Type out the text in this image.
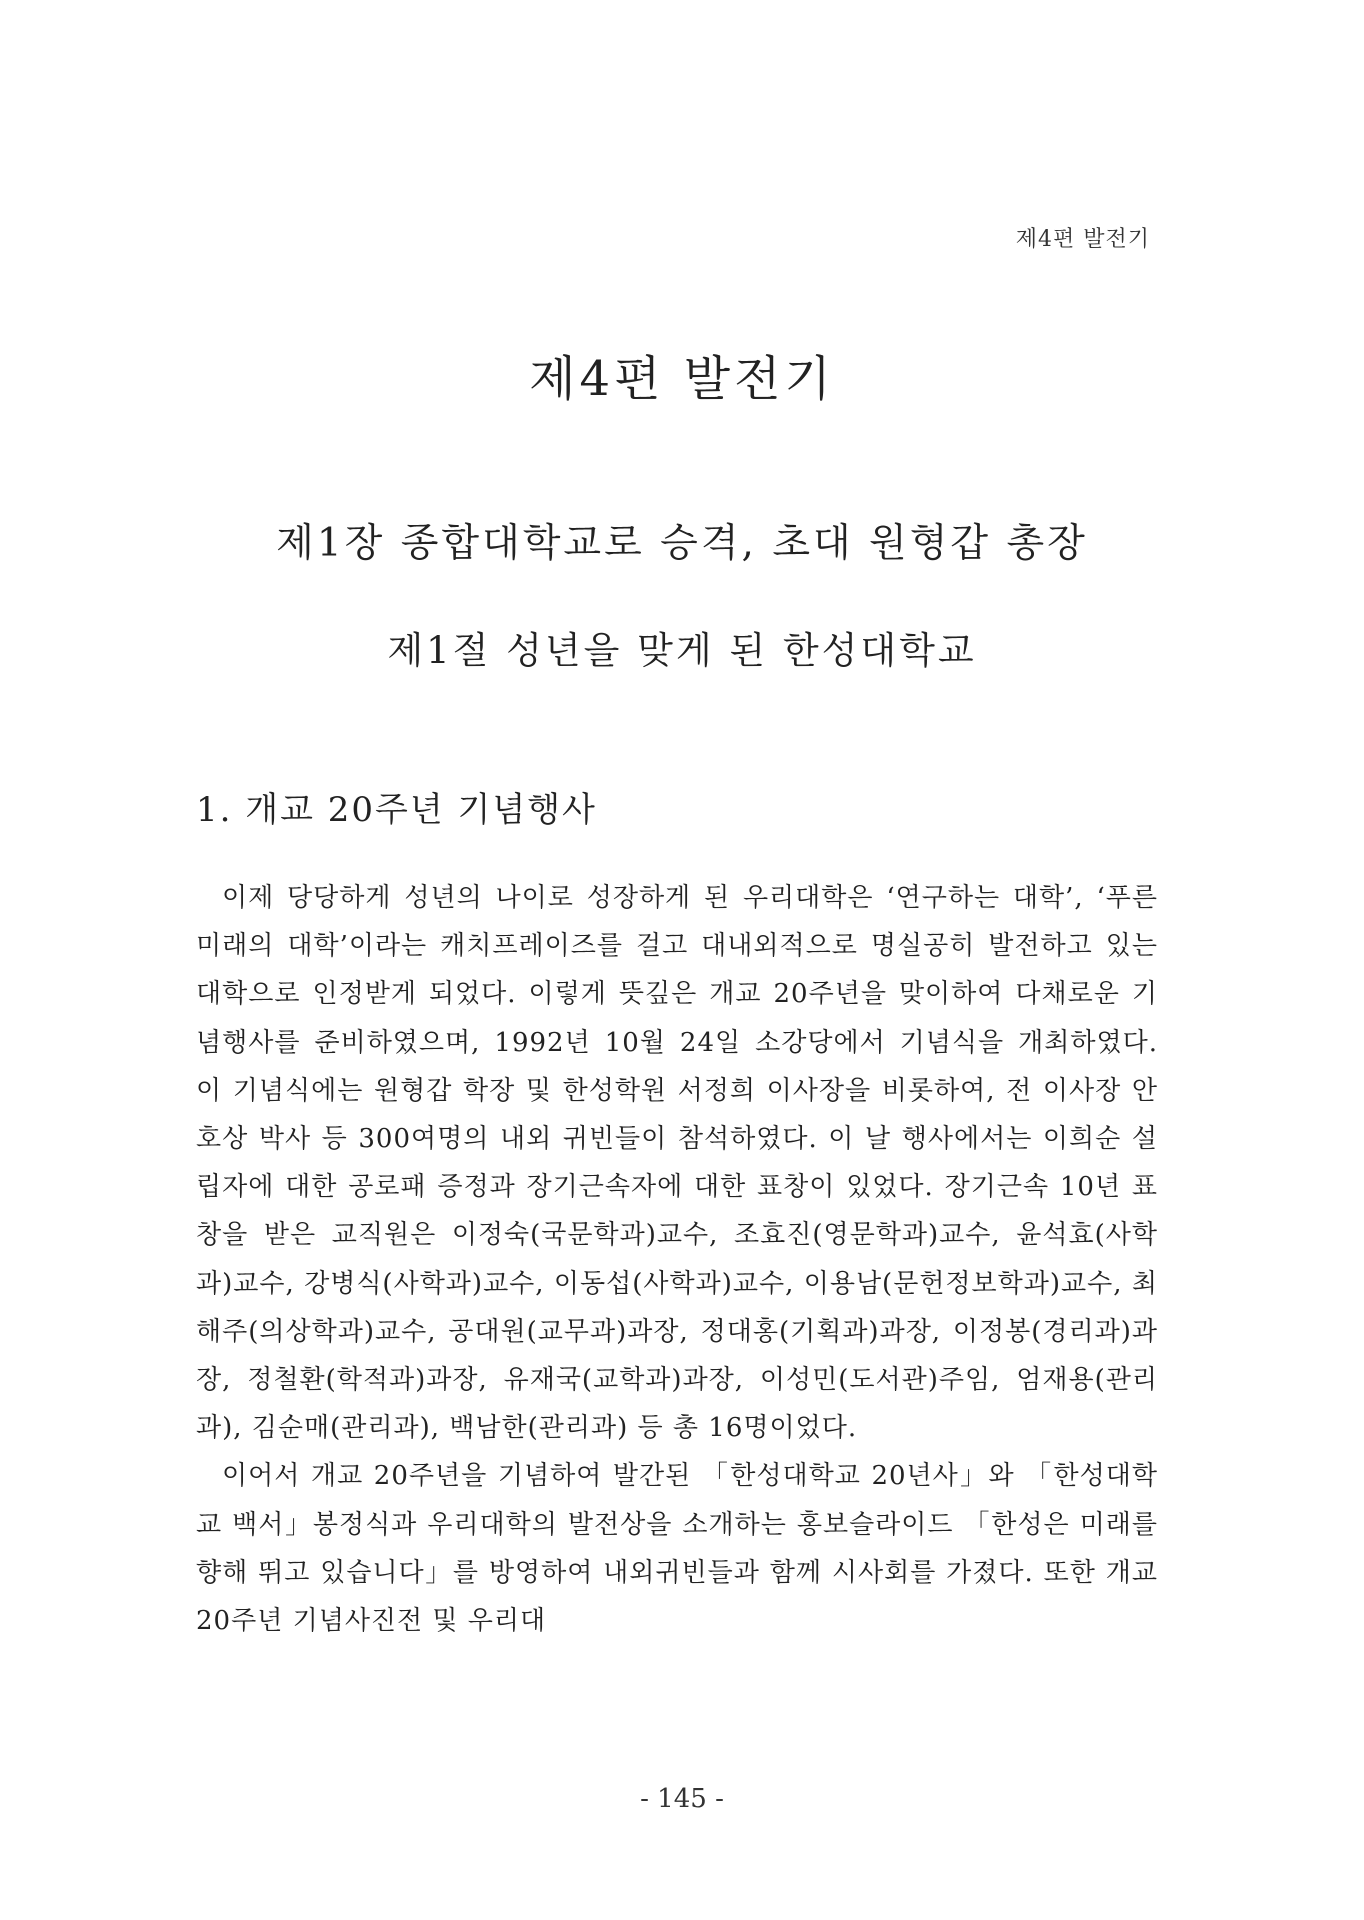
제4편 발전기
제4편 발전기
제1장 종합대학교로 승격, 초대 원형갑 총장
제1절 성년을 맞게 된 한성대학교
1. 개교 20주년 기념행사

이제 당당하게 성년의 나이로 성장하게 된 우리대학은 ‘연구하는 대학’, ‘푸른 미래의 대학’이라는 캐치프레이즈를 걸고 대내외적으로 명실공히 발전하고 있는 대학으로 인정받게 되었다. 이렇게 뜻깊은 개교 20주년을 맞이하여 다채로운 기념행사를 준비하였으며, 1992년 10월 24일 소강당에서 기념식을 개최하였다. 이 기념식에는 원형갑 학장 및 한성학원 서정희 이사장을 비롯하여, 전 이사장 안호상 박사 등 300여명의 내외 귀빈들이 참석하였다. 이 날 행사에서는 이희순 설립자에 대한 공로패 증정과 장기근속자에 대한 표창이 있었다. 장기근속 10년 표창을 받은 교직원은 이정숙(국문학과)교수, 조효진(영문학과)교수, 윤석효(사학과)교수, 강병식(사학과)교수, 이동섭(사학과)교수, 이용남(문헌정보학과)교수, 최해주(의상학과)교수, 공대원(교무과)과장, 정대홍(기획과)과장, 이정봉(경리과)과장, 정철환(학적과)과장, 유재국(교학과)과장, 이성민(도서관)주임, 엄재용(관리과), 김순매(관리과), 백남한(관리과) 등 총 16명이었다.

이어서 개교 20주년을 기념하여 발간된 「한성대학교 20년사」와 「한성대학교 백서」봉정식과 우리대학의 발전상을 소개하는 홍보슬라이드 「한성은 미래를 향해 뛰고 있습니다」를 방영하여 내외귀빈들과 함께 시사회를 가졌다. 또한 개교 20주년 기념사진전 및 우리대

- 145 -
